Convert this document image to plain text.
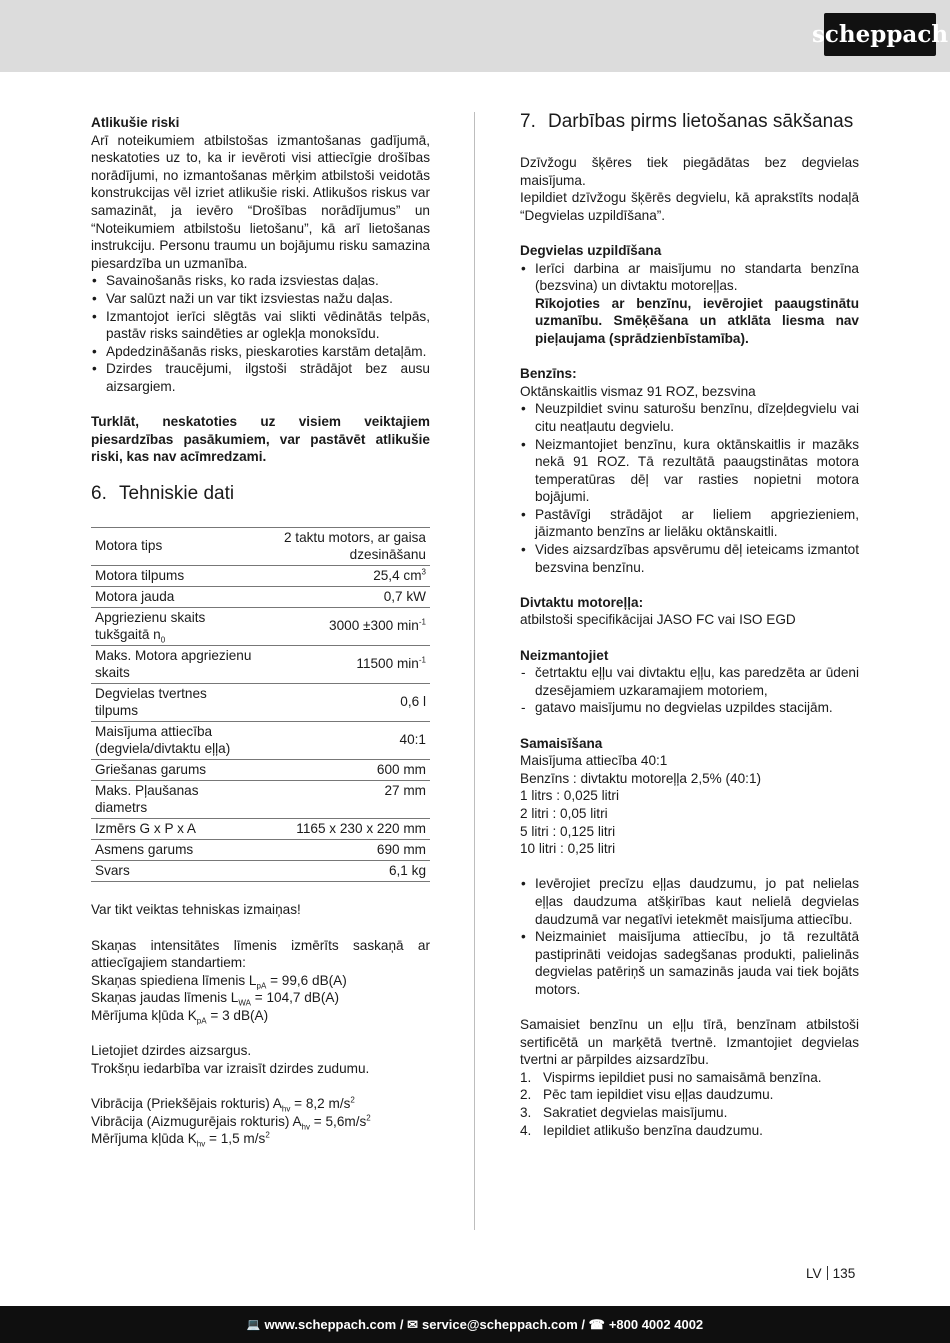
scheppach

Atlikušie riski

Arī noteikumiem atbilstošas izmantošanas gadījumā, neskatoties uz to, ka ir ievēroti visi attiecīgie drošības norādījumi, no izmantošanas mērķim atbilstoši veidotās konstrukcijas vēl izriet atlikušie riski. Atlikušos riskus var samazināt, ja ievēro “Drošības norādījumus” un “Noteikumiem atbilstošu lietošanu”, kā arī lietošanas instrukciju. Personu traumu un bojājumu risku samazina piesardzība un uzmanība.

• Savainošanās risks, ko rada izsviestas daļas.
• Var salūzt naži un var tikt izsviestas nažu daļas.
• Izmantojot ierīci slēgtās vai slikti vēdinātās telpās, pastāv risks saindēties ar oglekļa monoksīdu.
• Apdedzināšanās risks, pieskaroties karstām detaļām.
• Dzirdes traucējumi, ilgstoši strādājot bez ausu aizsargiem.

Turklāt, neskatoties uz visiem veiktajiem piesardzības pasākumiem, var pastāvēt atlikušie riski, kas nav acīmredzami.

6. Tehniskie dati
Motora tips	2 taktu motors, ar gaisa dzesināšanu
Motora tilpums	25,4 $cm^3$
Motora jauda	0,7 kW
Apgriezienu skaits tukšgaitā $n_0$	3000 ±300 $\min^{-1}$
Maks. Motora apgriezienu skaits	11500 $\min^{-1}$
Degvielas tvertnes tilpums	0,6 l
Maisījuma attiecība (degviela/divtaktu eļļa)	40:1
Griešanas garums	600 mm
Maks. Pļaušanas diametrs	27 mm
Izmērs G x P x A	1165 x 230 x 220 mm
Asmens garums	690 mm
Svars	6,1 kg

Var tikt veiktas tehniskas izmaiņas!

Skaņas intensitātes līmenis izmērīts saskaņā ar attiecīgajiem standartiem:

Skaņas spiediena līmenis $L_{pA} = 99,6$ dB(A)

Skaņas jaudas līmenis $L_{WA} = 104,7$ dB(A)

Mērījuma kļūda $K_{pA} = 3$ dB(A)

Lietojiet dzirdes aizsargus.

Trokšņu iedarbība var izraisīt dzirdes zudumu.

Vibrācija (Priekšējais rokturis) $A_{hv} = 8,2$ $m/s^2$

Vibrācija (Aizmugurējais rokturis) $A_{hv} = 5,6m/s^2$

Mērījuma kļūda $K_{hv} = 1,5$ $m/s^2$

7. Darbības pirms lietošanas sākšanas

Dzīvžogu šķēres tiek piegādātas bez degvielas maisījuma.

Iepildiet dzīvžogu šķērēs degvielu, kā aprakstīts nodaļā “Degvielas uzpildīšana”.

Degvielas uzpildīšana

• Ierīci darbina ar maisījumu no standarta benzīna (bezsvina) un divtaktu motoreļļas.
Rīkojoties ar benzīnu, ievērojiet paaugstinātu uzmanību. Smēķēšana un atklāta liesma nav pieļaujama (sprādzienbīstamība).

Benzīns:

Oktānskaitlis vismaz 91 ROZ, bezsvina

• Neuzpildiet svinu saturošu benzīnu, dīzeļdegvielu vai citu neatļautu degvielu.
• Neizmantojiet benzīnu, kura oktānskaitlis ir mazāks nekā 91 ROZ. Tā rezultātā paaugstinātas motora temperatūras dēļ var rasties nopietni motora bojājumi.
• Pastāvīgi strādājot ar lieliem apgriezieniem, jāizmanto benzīns ar lielāku oktānskaitli.
• Vides aizsardzības apsvērumu dēļ ieteicams izmantot bezsvina benzīnu.

Divtaktu motoreļļa:

atbilstoši specifikācijai JASO FC vai ISO EGD

Neizmantojiet

- četrtaktu eļļu vai divtaktu eļļu, kas paredzēta ar ūdeni dzesējamiem uzkaramajiem motoriem,
- gatavo maisījumu no degvielas uzpildes stacijām.

Samaisīšana

Maisījuma attiecība 40:1

Benzīns : divtaktu motoreļļa 2,5% (40:1)

1 litrs : 0,025 litri

2 litri : 0,05 litri

5 litri : 0,125 litri

10 litri : 0,25 litri

• Ievērojiet precīzu eļļas daudzumu, jo pat nelielas eļļas daudzuma atšķirības kaut nelielā degvielas daudzumā var negatīvi ietekmēt maisījuma attiecību.
• Neizmainiet maisījuma attiecību, jo tā rezultātā pastiprināti veidojas sadegšanas produkti, palielinās degvielas patēriņš un samazinās jauda vai tiek bojāts motors.

Samaisiet benzīnu un eļļu tīrā, benzīnam atbilstoši sertificētā un marķētā tvertnē. Izmantojiet degvielas tvertni ar pārpildes aizsardzību.

1. Vispirms iepildiet pusi no samaisāmā benzīna.
2. Pēc tam iepildiet visu eļļas daudzumu.
3. Sakratiet degvielas maisījumu.
4. Iepildiet atlikušo benzīna daudzumu.
LV 135
💻 www.scheppach.com / ✉ service@scheppach.com / ☎ +800 4002 4002
